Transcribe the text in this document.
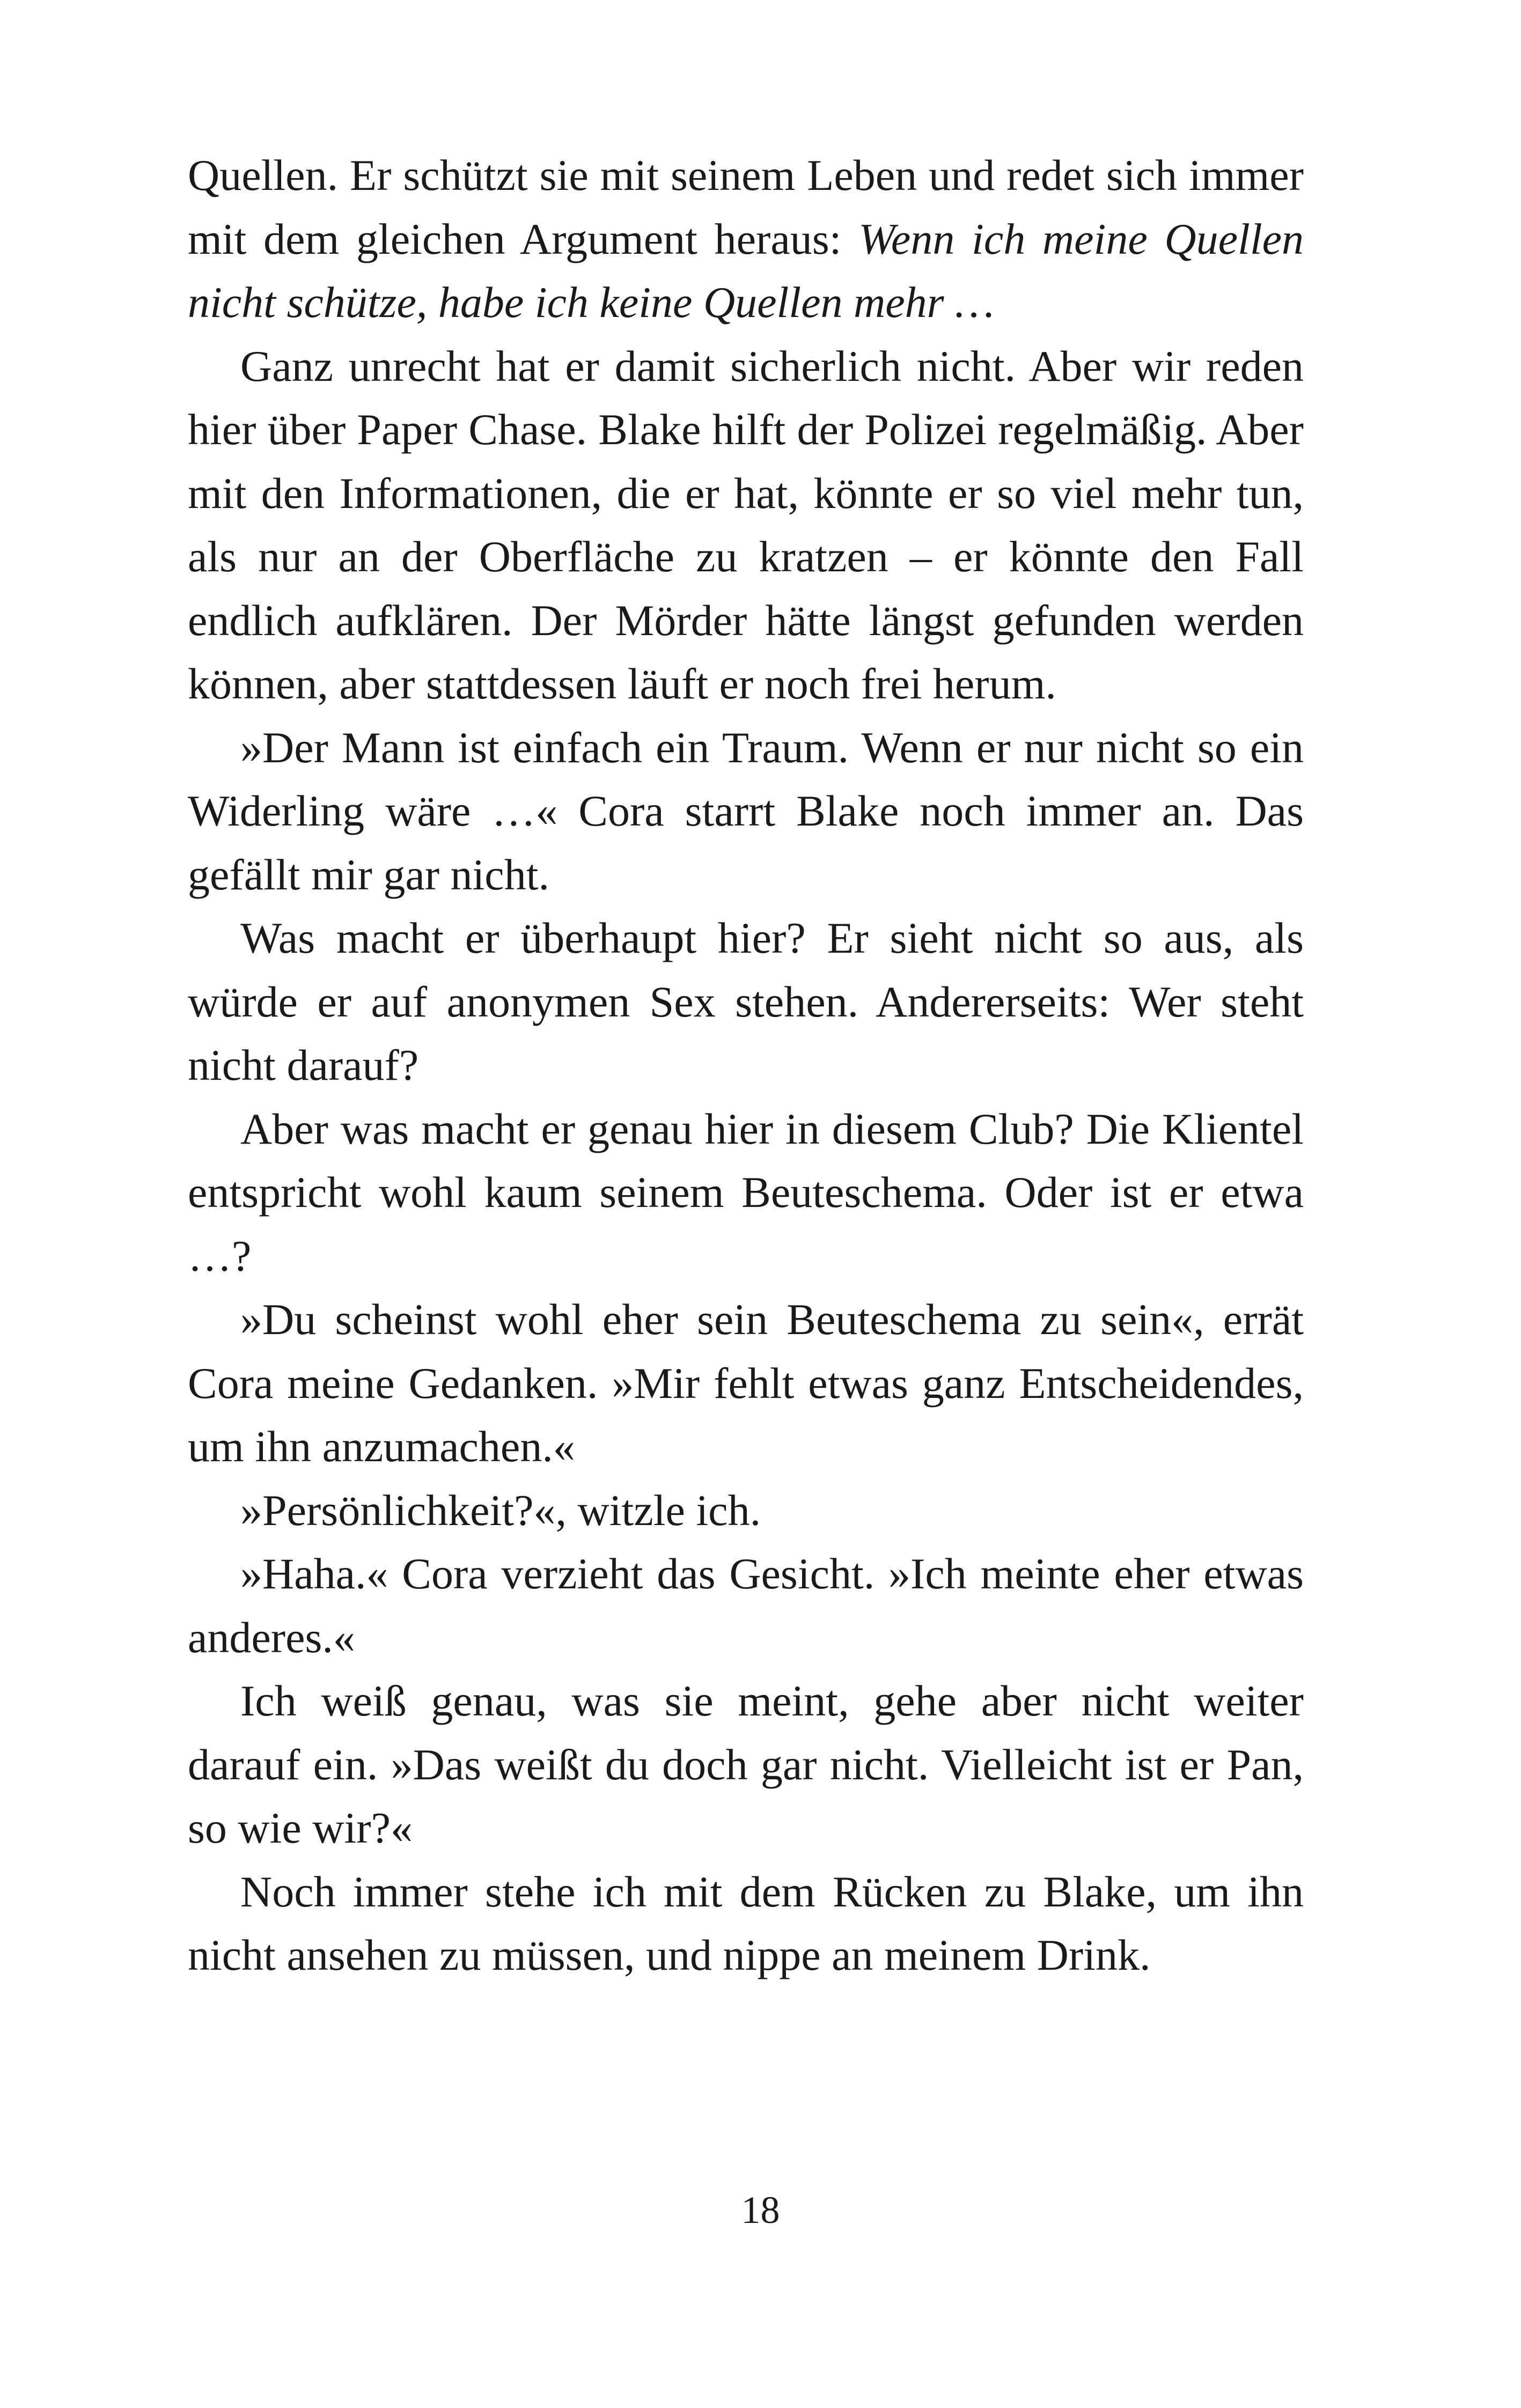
Quellen. Er schützt sie mit seinem Leben und redet sich immer mit dem gleichen Argument heraus: Wenn ich meine Quellen nicht schütze, habe ich keine Quellen mehr …

Ganz unrecht hat er damit sicherlich nicht. Aber wir reden hier über Paper Chase. Blake hilft der Polizei regelmäßig. Aber mit den Informationen, die er hat, könnte er so viel mehr tun, als nur an der Oberfläche zu kratzen – er könnte den Fall endlich aufklären. Der Mörder hätte längst gefunden werden können, aber stattdessen läuft er noch frei herum.

»Der Mann ist einfach ein Traum. Wenn er nur nicht so ein Widerling wäre …« Cora starrt Blake noch immer an. Das gefällt mir gar nicht.

Was macht er überhaupt hier? Er sieht nicht so aus, als würde er auf anonymen Sex stehen. Andererseits: Wer steht nicht darauf?

Aber was macht er genau hier in diesem Club? Die Klientel entspricht wohl kaum seinem Beuteschema. Oder ist er etwa …?

»Du scheinst wohl eher sein Beuteschema zu sein«, errät Cora meine Gedanken. »Mir fehlt etwas ganz Entscheidendes, um ihn anzumachen.«

»Persönlichkeit?«, witzle ich.

»Haha.« Cora verzieht das Gesicht. »Ich meinte eher etwas anderes.«

Ich weiß genau, was sie meint, gehe aber nicht weiter darauf ein. »Das weißt du doch gar nicht. Vielleicht ist er Pan, so wie wir?«

Noch immer stehe ich mit dem Rücken zu Blake, um ihn nicht ansehen zu müssen, und nippe an meinem Drink.

18
